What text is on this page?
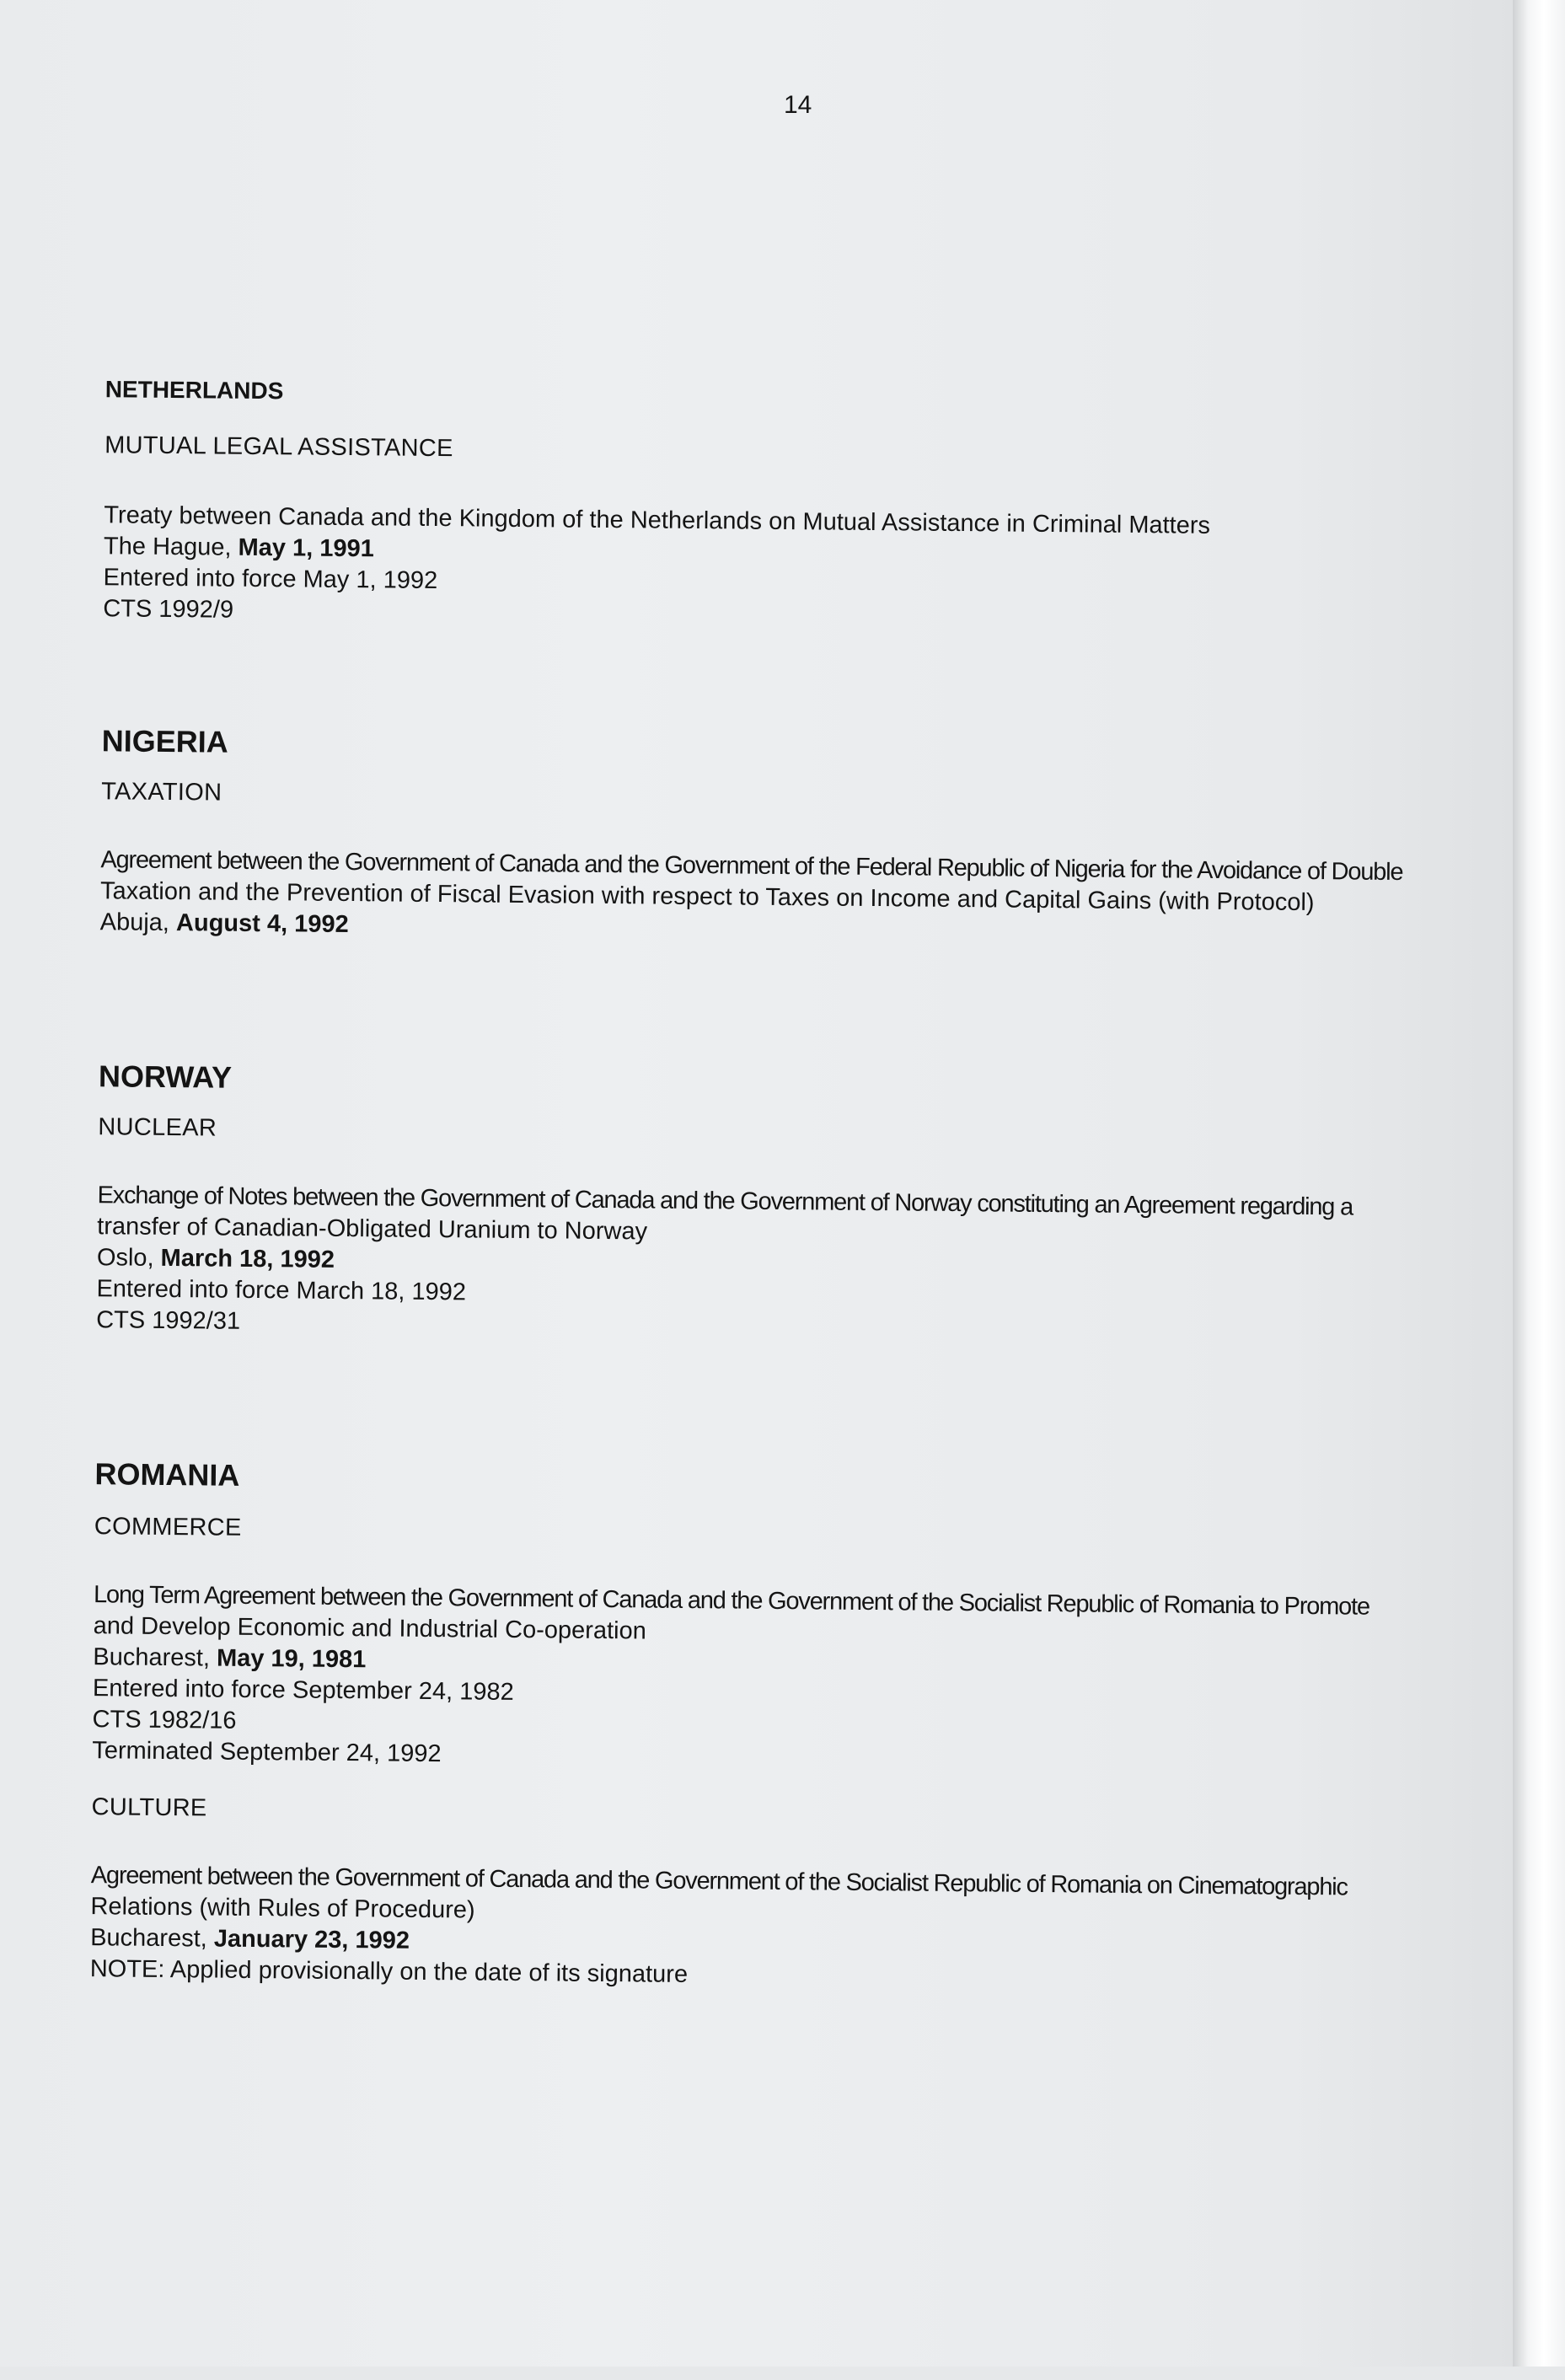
14
NETHERLANDS
MUTUAL LEGAL ASSISTANCE
Treaty between Canada and the Kingdom of the Netherlands on Mutual Assistance in Criminal Matters
The Hague, May 1, 1991
Entered into force May 1, 1992
CTS 1992/9
NIGERIA
TAXATION
Agreement between the Government of Canada and the Government of the Federal Republic of Nigeria for the Avoidance of Double
Taxation and the Prevention of Fiscal Evasion with respect to Taxes on Income and Capital Gains (with Protocol)
Abuja, August 4, 1992
NORWAY
NUCLEAR
Exchange of Notes between the Government of Canada and the Government of Norway constituting an Agreement regarding a
transfer of Canadian-Obligated Uranium to Norway
Oslo, March 18, 1992
Entered into force March 18, 1992
CTS 1992/31
ROMANIA
COMMERCE
Long Term Agreement between the Government of Canada and the Government of the Socialist Republic of Romania to Promote
and Develop Economic and Industrial Co-operation
Bucharest, May 19, 1981
Entered into force September 24, 1982
CTS 1982/16
Terminated September 24, 1992
CULTURE
Agreement between the Government of Canada and the Government of the Socialist Republic of Romania on Cinematographic
Relations (with Rules of Procedure)
Bucharest, January 23, 1992
NOTE: Applied provisionally on the date of its signature
